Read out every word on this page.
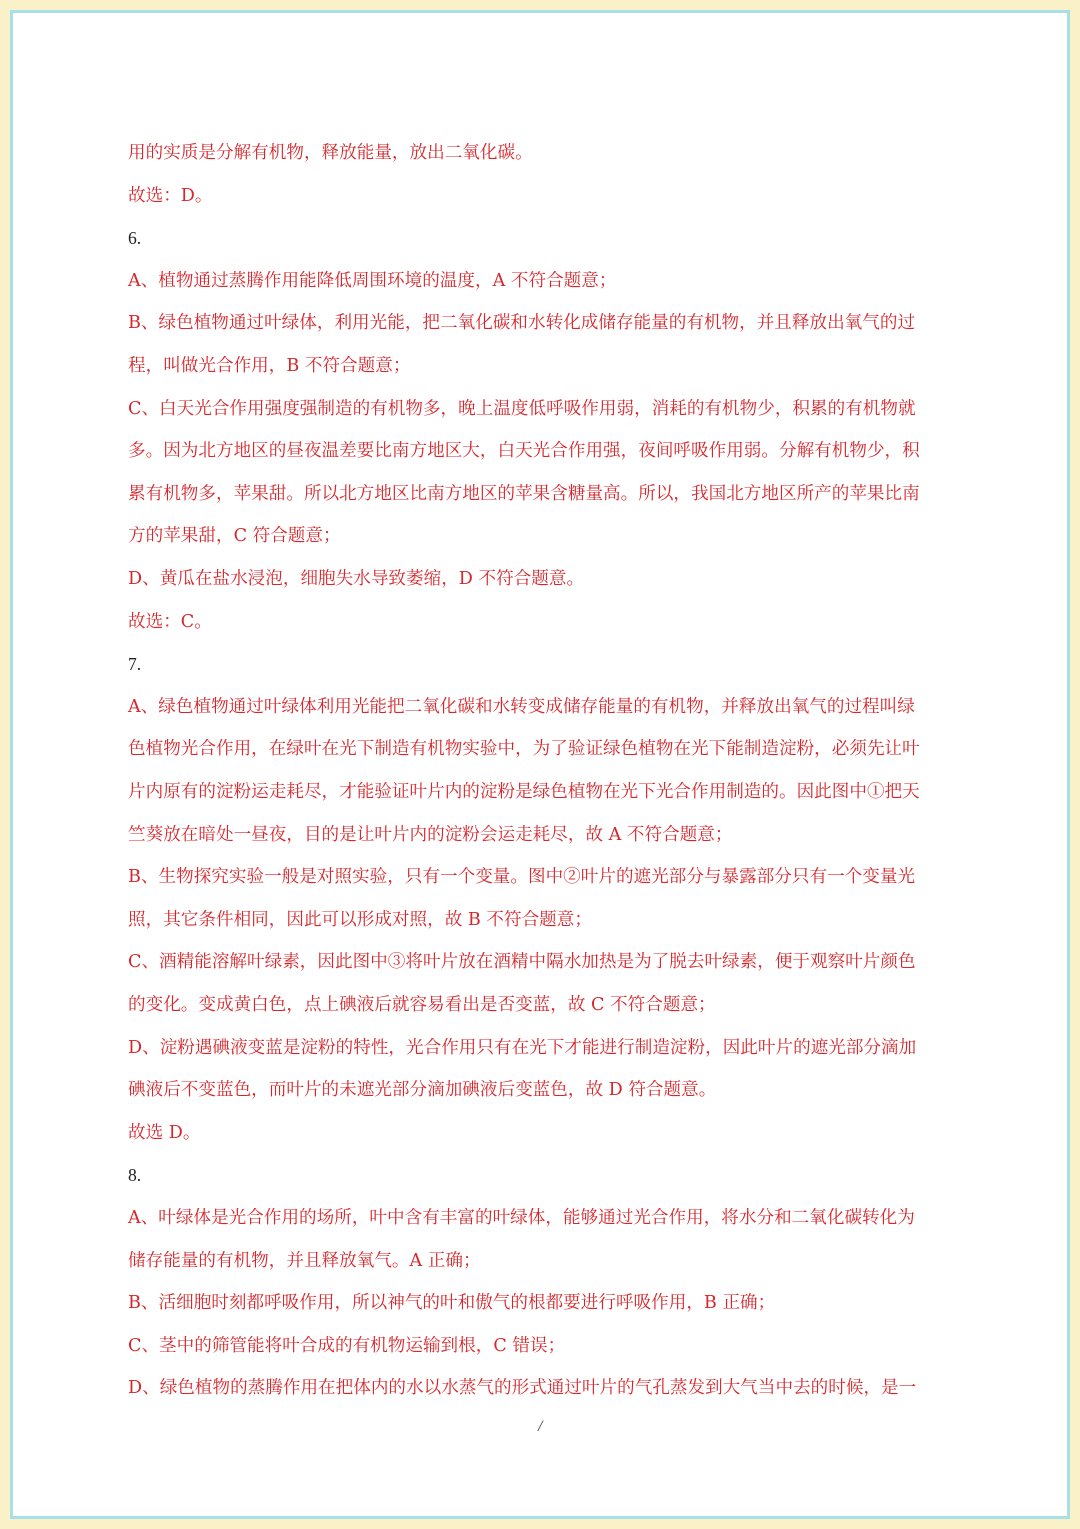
用的实质是分解有机物，释放能量，放出二氧化碳。
故选：D。
6.
A、植物通过蒸腾作用能降低周围环境的温度，A 不符合题意；
B、绿色植物通过叶绿体，利用光能，把二氧化碳和水转化成储存能量的有机物，并且释放出氧气的过
程，叫做光合作用，B 不符合题意；
C、白天光合作用强度强制造的有机物多，晚上温度低呼吸作用弱，消耗的有机物少，积累的有机物就
多。因为北方地区的昼夜温差要比南方地区大，白天光合作用强，夜间呼吸作用弱。分解有机物少，积
累有机物多，苹果甜。所以北方地区比南方地区的苹果含糖量高。所以，我国北方地区所产的苹果比南
方的苹果甜，C 符合题意；
D、黄瓜在盐水浸泡，细胞失水导致萎缩，D 不符合题意。
故选：C。
7.
A、绿色植物通过叶绿体利用光能把二氧化碳和水转变成储存能量的有机物，并释放出氧气的过程叫绿
色植物光合作用，在绿叶在光下制造有机物实验中，为了验证绿色植物在光下能制造淀粉，必须先让叶
片内原有的淀粉运走耗尽，才能验证叶片内的淀粉是绿色植物在光下光合作用制造的。因此图中①把天
竺葵放在暗处一昼夜，目的是让叶片内的淀粉会运走耗尽，故 A 不符合题意；
B、生物探究实验一般是对照实验，只有一个变量。图中②叶片的遮光部分与暴露部分只有一个变量光
照，其它条件相同，因此可以形成对照，故 B 不符合题意；
C、酒精能溶解叶绿素，因此图中③将叶片放在酒精中隔水加热是为了脱去叶绿素，便于观察叶片颜色
的变化。变成黄白色，点上碘液后就容易看出是否变蓝，故 C 不符合题意；
D、淀粉遇碘液变蓝是淀粉的特性，光合作用只有在光下才能进行制造淀粉，因此叶片的遮光部分滴加
碘液后不变蓝色，而叶片的未遮光部分滴加碘液后变蓝色，故 D 符合题意。
故选 D。
8.
A、叶绿体是光合作用的场所，叶中含有丰富的叶绿体，能够通过光合作用，将水分和二氧化碳转化为
储存能量的有机物，并且释放氧气。A 正确；
B、活细胞时刻都呼吸作用，所以神气的叶和傲气的根都要进行呼吸作用，B 正确；
C、茎中的筛管能将叶合成的有机物运输到根，C 错误；
D、绿色植物的蒸腾作用在把体内的水以水蒸气的形式通过叶片的气孔蒸发到大气当中去的时候，是一
/
